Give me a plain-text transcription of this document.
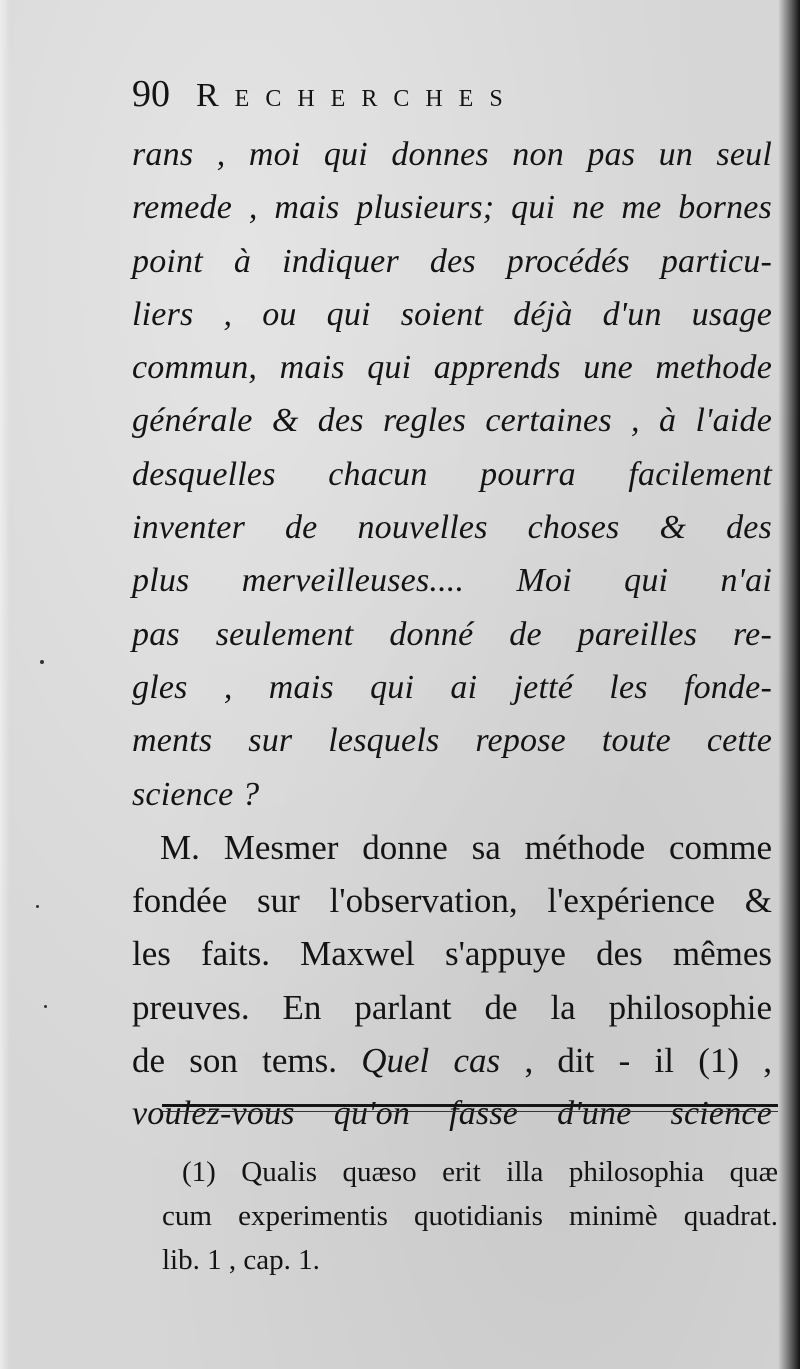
90 Recherches
rans , moi qui donnes non pas un seul
remede , mais plusieurs; qui ne me bornes
point à indiquer des procédés particu-
liers , ou qui soient déjà d'un usage
commun, mais qui apprends une methode
générale & des regles certaines , à l'aide
desquelles chacun pourra facilement
inventer de nouvelles choses & des
plus merveilleuses.... Moi qui n'ai
pas seulement donné de pareilles re-
gles , mais qui ai jetté les fonde-
ments sur lesquels repose toute cette
science ?
M. Mesmer donne sa méthode comme
fondée sur l'observation, l'expérience &
les faits. Maxwel s'appuye des mêmes
preuves. En parlant de la philosophie
de son tems. Quel cas , dit - il (1) ,
voulez-vous qu'on fasse d'une science
(1) Qualis quæso erit illa philosophia quæ
cum experimentis quotidianis minimè quadrat.
lib. 1 , cap. 1.
